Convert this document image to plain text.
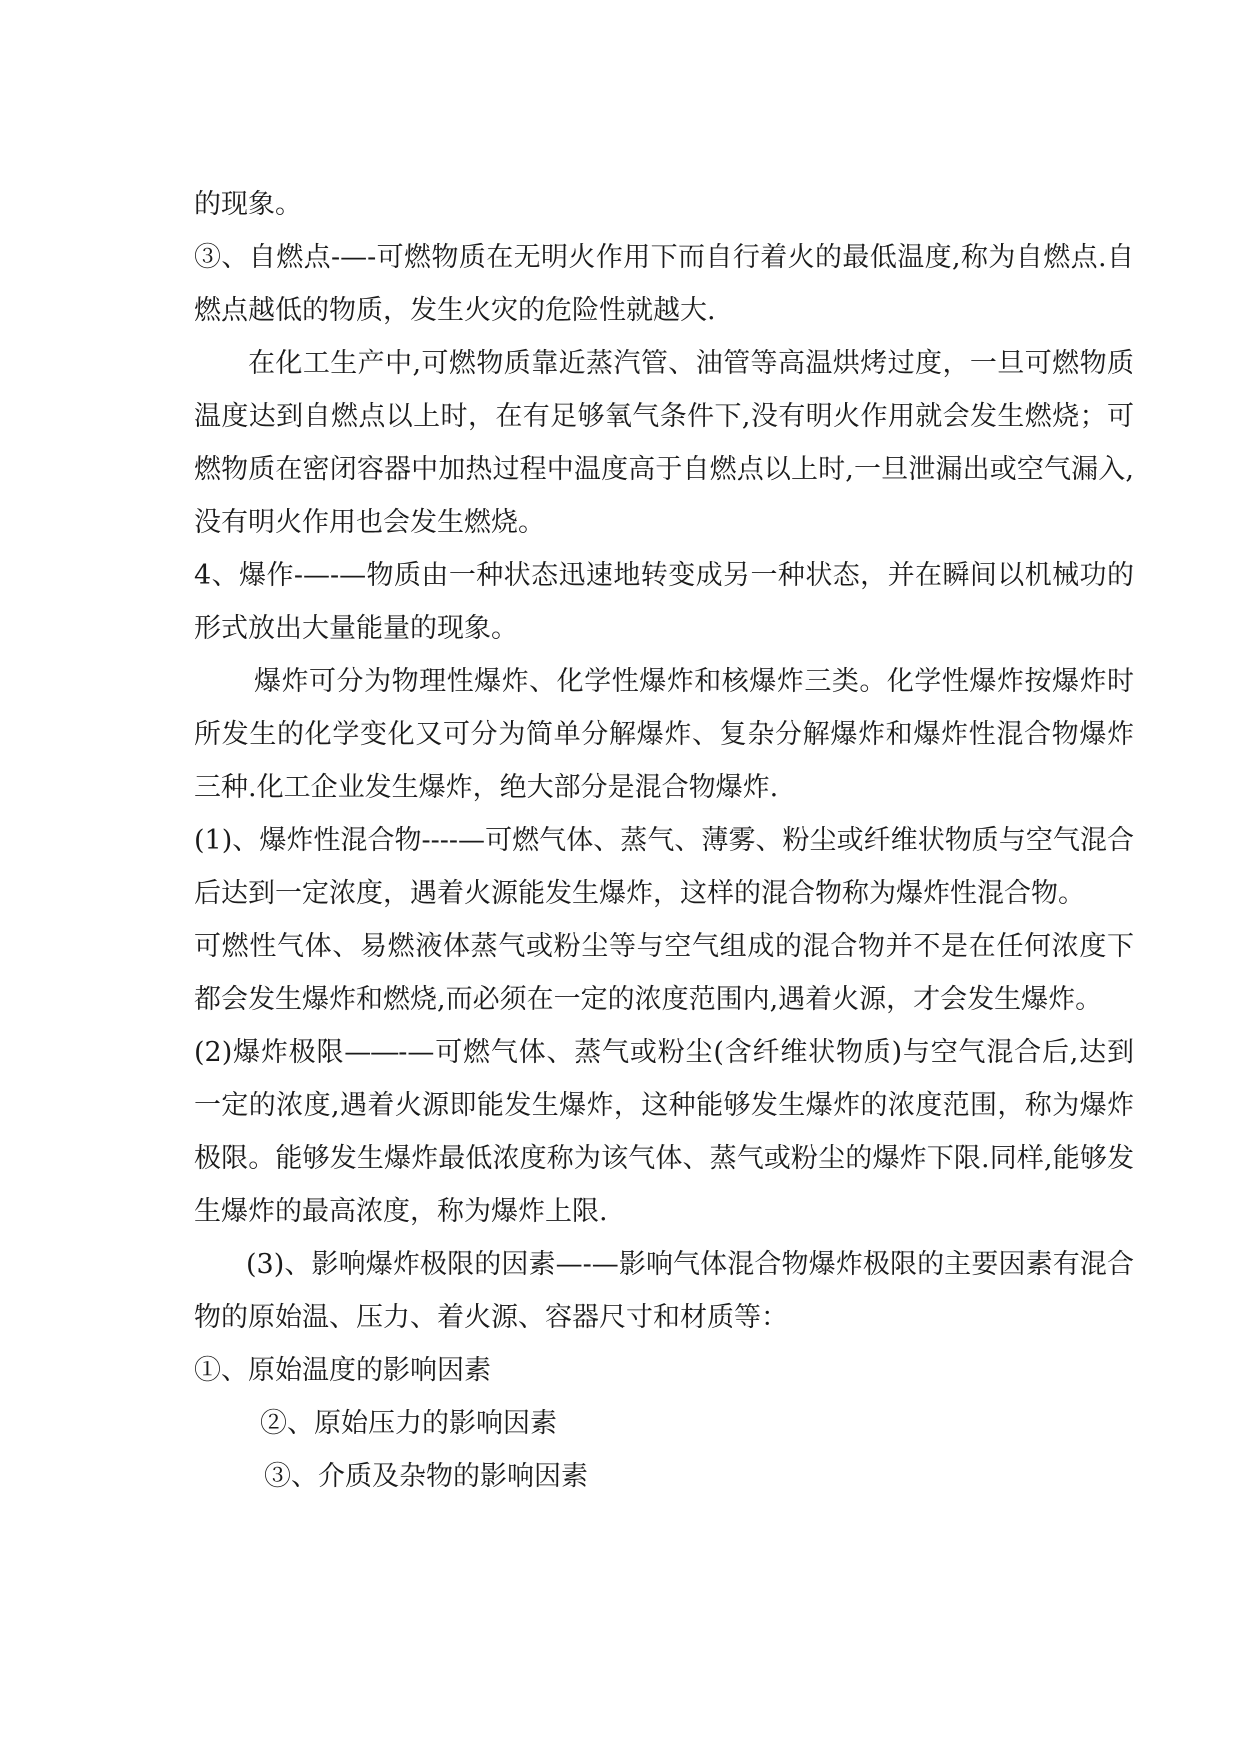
的现象。

③、自燃点-—-可燃物质在无明火作用下而自行着火的最低温度,称为自燃点.自燃点越低的物质，发生火灾的危险性就越大.

在化工生产中,可燃物质靠近蒸汽管、油管等高温烘烤过度，一旦可燃物质温度达到自燃点以上时，在有足够氧气条件下,没有明火作用就会发生燃烧；可燃物质在密闭容器中加热过程中温度高于自燃点以上时,一旦泄漏出或空气漏入,没有明火作用也会发生燃烧。

4、爆作-—-—物质由一种状态迅速地转变成另一种状态，并在瞬间以机械功的形式放出大量能量的现象。

爆炸可分为物理性爆炸、化学性爆炸和核爆炸三类。化学性爆炸按爆炸时所发生的化学变化又可分为简单分解爆炸、复杂分解爆炸和爆炸性混合物爆炸三种.化工企业发生爆炸，绝大部分是混合物爆炸.

(1)、爆炸性混合物----—可燃气体、蒸气、薄雾、粉尘或纤维状物质与空气混合后达到一定浓度，遇着火源能发生爆炸，这样的混合物称为爆炸性混合物。

可燃性气体、易燃液体蒸气或粉尘等与空气组成的混合物并不是在任何浓度下都会发生爆炸和燃烧,而必须在一定的浓度范围内,遇着火源，才会发生爆炸。

(2)爆炸极限—―-—可燃气体、蒸气或粉尘(含纤维状物质)与空气混合后,达到一定的浓度,遇着火源即能发生爆炸，这种能够发生爆炸的浓度范围，称为爆炸极限。能够发生爆炸最低浓度称为该气体、蒸气或粉尘的爆炸下限.同样,能够发生爆炸的最高浓度，称为爆炸上限.

(3)、影响爆炸极限的因素—-—影响气体混合物爆炸极限的主要因素有混合物的原始温、压力、着火源、容器尺寸和材质等：

①、原始温度的影响因素

②、原始压力的影响因素

③、介质及杂物的影响因素
